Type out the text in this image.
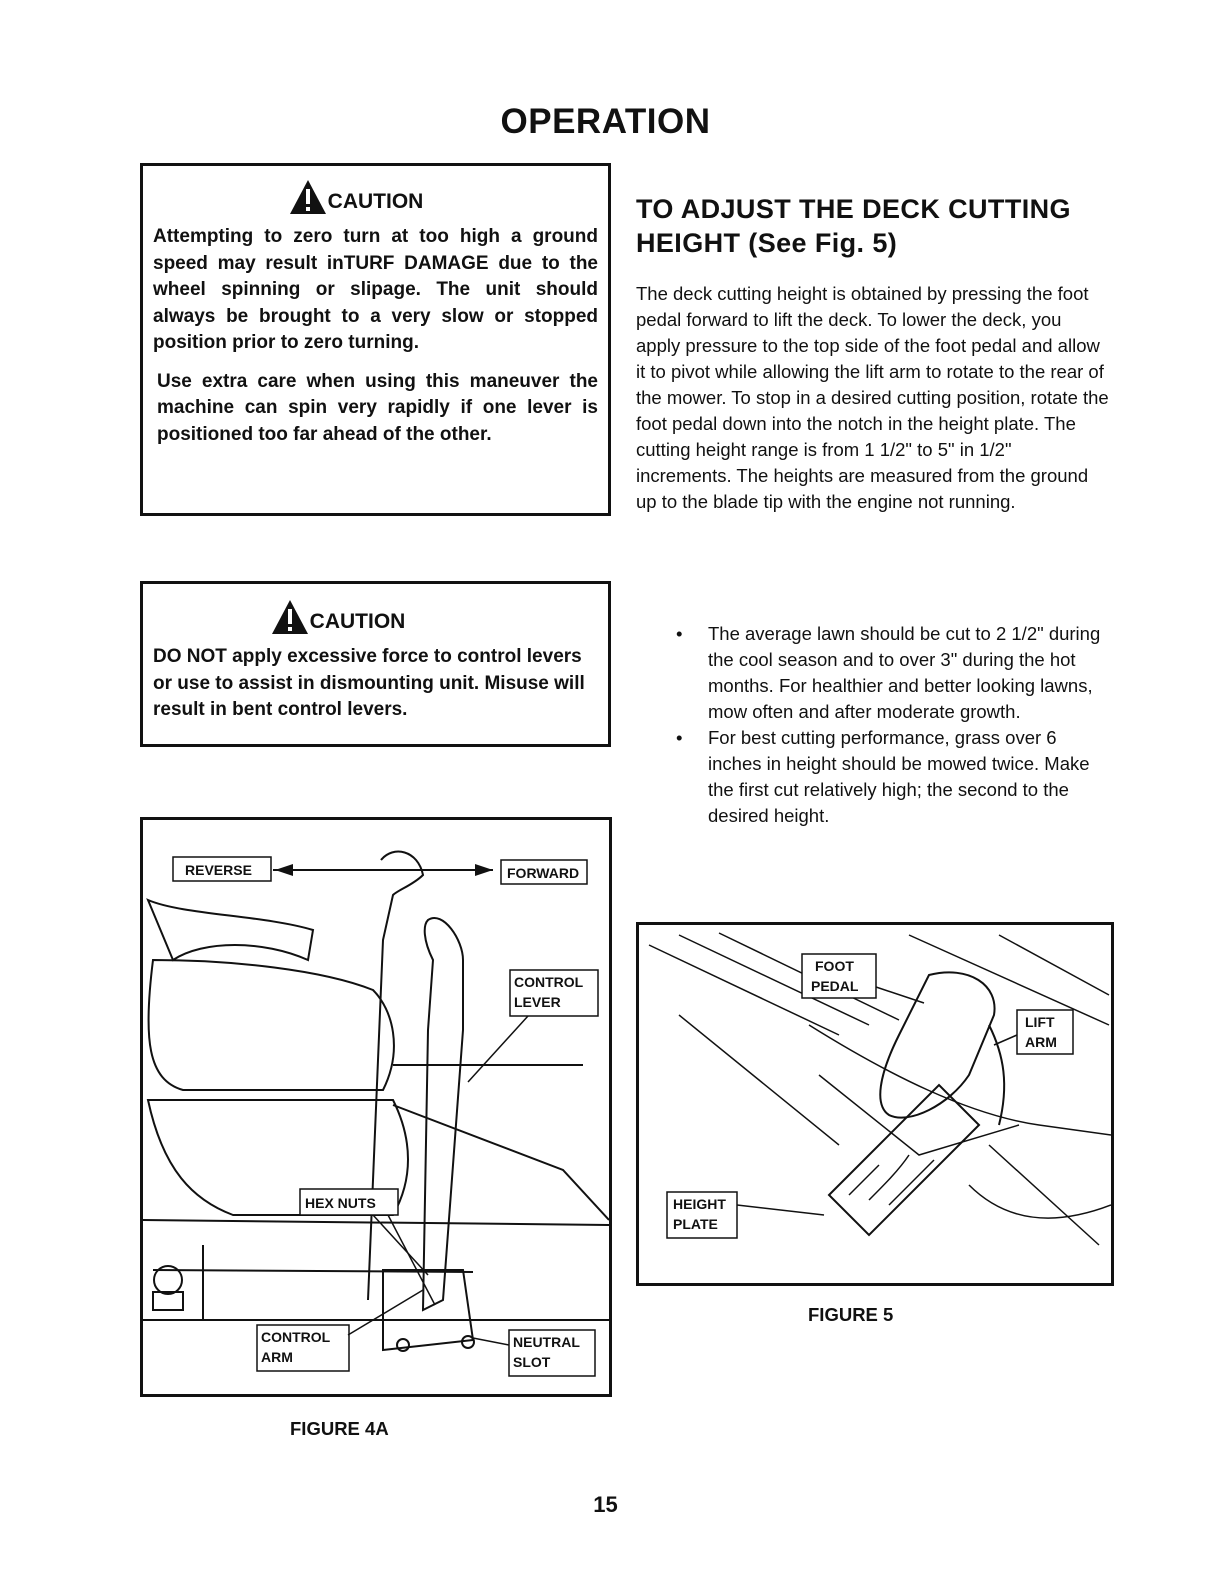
OPERATION
CAUTION
Attempting to zero turn at too high a ground speed may result inTURF DAMAGE due to the wheel spinning or slipage. The unit should always be brought to a very slow or stopped position prior to zero turning.
Use extra care when using this maneuver the machine can spin very rapidly if one lever is positioned too far ahead of the other.
CAUTION
DO NOT apply excessive force to control levers or use to assist in dismounting unit. Misuse will result in bent control levers.
TO ADJUST THE DECK CUTTING HEIGHT (See Fig. 5)
The deck cutting height is obtained by pressing the foot pedal forward to lift the deck. To lower the deck, you apply pressure to the top side of the foot pedal and allow it to pivot while allowing the lift arm to rotate to the rear of the mower. To stop in a desired cutting position, rotate the foot pedal down into the notch in the height plate. The cutting height range is from 1 1/2" to 5" in 1/2" increments. The heights are measured from the ground up to the blade tip with the engine not running.
• The average lawn should be cut to 2 1/2" during the cool season and to over 3" during the hot months. For healthier and better looking lawns, mow often and after moderate growth.
• For best cutting performance, grass over 6 inches in height should be mowed twice. Make the first cut relatively high; the second to the desired height.
REVERSE	FORWARD
CONTROL
LEVER
HEX NUTS
CONTROL
ARM
NEUTRAL
SLOT
FIGURE 4A
FOOT
PEDAL
LIFT
ARM
HEIGHT
PLATE
FIGURE 5
15
